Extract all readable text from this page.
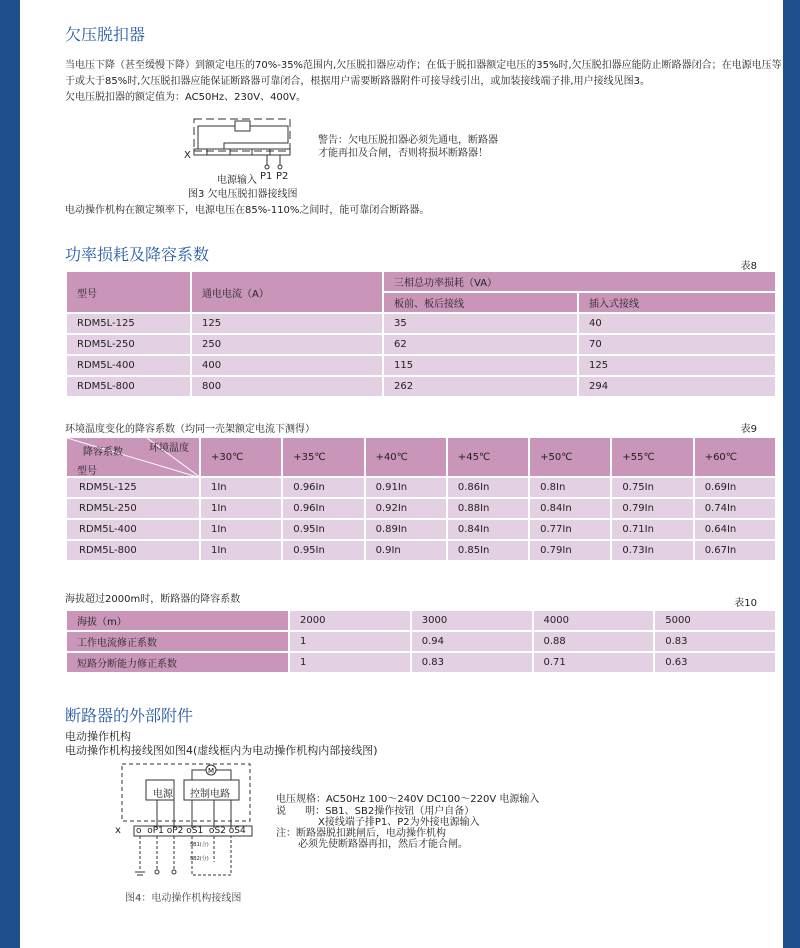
欠压脱扣器
当电压下降（甚至缓慢下降）到额定电压的70%-35%范围内,欠压脱扣器应动作；在低于脱扣器额定电压的35%时,欠压脱扣器应能防止断路器闭合；在电源电压等于或大于85%时,欠压脱扣器应能保证断路器可靠闭合，根据用户需要断路器附件可接导线引出，或加装接线端子排,用户接线见图3。
欠电压脱扣器的额定值为：AC50Hz、230V、400V。
X
电源输入 P1 P2
图3 欠电压脱扣器接线图
警告：欠电压脱扣器必须先通电，断路器
才能再扣及合闸，否则将损坏断路器！
电动操作机构在额定频率下，电源电压在85%-110%之间时，能可靠闭合断路器。
功率损耗及降容系数
表8
型号	通电电流（A）	三相总功率损耗（VA）	
		板前、板后接线	插入式接线
RDM5L-125	125	35	40
RDM5L-250	250	62	70
RDM5L-400	400	115	125
RDM5L-800	800	262	294
环境温度变化的降容系数（均同一壳架额定电流下测得）	表9
降容系数 环境温度
型号	+30℃	+35℃	+40℃	+45℃	+50℃	+55℃	+60℃
RDM5L-125	1In	0.96In	0.91In	0.86In	0.8In	0.75In	0.69In
RDM5L-250	1In	0.96In	0.92In	0.88In	0.84In	0.79In	0.74In
RDM5L-400	1In	0.95In	0.89In	0.84In	0.77In	0.71In	0.64In
RDM5L-800	1In	0.95In	0.9In	0.85In	0.79In	0.73In	0.67In
海拔超过2000m时，断路器的降容系数	表10
海拔（m）	2000	3000	4000	5000
工作电流修正系数	1	0.94	0.88	0.83
短路分断能力修正系数	1	0.83	0.71	0.63
断路器的外部附件
电动操作机构
电动操作机构接线图如图4(虚线框内为电动操作机构内部接线图)
M
电源 控制电路
x o  oP1 oP2 oS1  oS2 oS4
SB1(合)
SB2(分)
图4：电动操作机构接线图
电压规格：AC50Hz 100～240V DC100～220V 电源输入
说      明：SB1、SB2操作按钮（用户自备）
X接线端子排P1、P2为外接电源输入
注：断路器脱扣跳闸后，电动操作机构
必须先使断路器再扣，然后才能合闸。
